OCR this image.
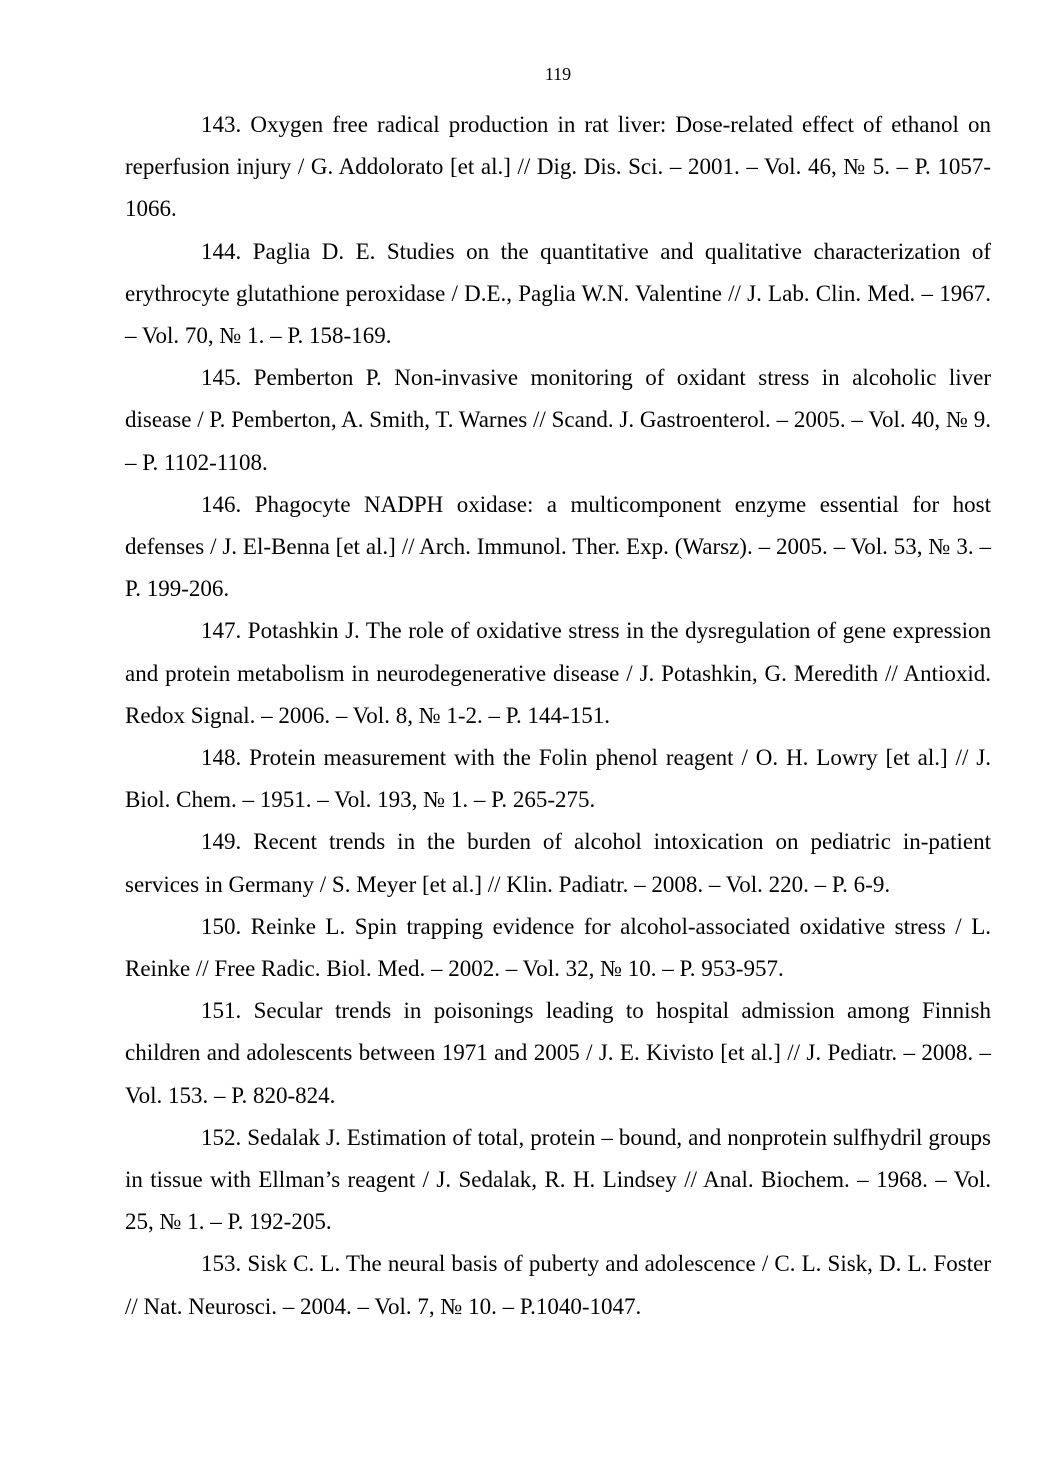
119

143. Oxygen free radical production in rat liver: Dose-related effect of ethanol on reperfusion injury / G. Addolorato [et al.] // Dig. Dis. Sci. – 2001. – Vol. 46, № 5. – P. 1057-1066.

144. Paglia D. E. Studies on the quantitative and qualitative characterization of erythrocyte glutathione peroxidase / D.E., Paglia W.N. Valentine // J. Lab. Clin. Med. – 1967. – Vol. 70, № 1. – P. 158-169.

145. Pemberton P. Non-invasive monitoring of oxidant stress in alcoholic liver disease / P. Pemberton, A. Smith, T. Warnes // Scand. J. Gastroenterol. – 2005. – Vol. 40, № 9. – P. 1102-1108.

146. Phagocyte NADPH oxidase: a multicomponent enzyme essential for host defenses / J. El-Benna [et al.] // Arch. Immunol. Ther. Exp. (Warsz). – 2005. – Vol. 53, № 3. – P. 199-206.

147. Potashkin J. The role of oxidative stress in the dysregulation of gene expression and protein metabolism in neurodegenerative disease / J. Potashkin, G. Meredith // Antioxid. Redox Signal. – 2006. – Vol. 8, № 1-2. – P. 144-151.

148. Protein measurement with the Folin phenol reagent / O. H. Lowry [et al.] // J. Biol. Chem. – 1951. – Vol. 193, № 1. – P. 265-275.

149. Recent trends in the burden of alcohol intoxication on pediatric in-patient services in Germany / S. Meyer [et al.] // Klin. Padiatr. – 2008. – Vol. 220. – P. 6-9.

150. Reinke L. Spin trapping evidence for alcohol-associated oxidative stress / L. Reinke // Free Radic. Biol. Med. – 2002. – Vol. 32, № 10. – P. 953-957.

151. Secular trends in poisonings leading to hospital admission among Finnish children and adolescents between 1971 and 2005 / J. E. Kivisto [et al.] // J. Pediatr. – 2008. – Vol. 153. – P. 820-824.

152. Sedalak J. Estimation of total, protein – bound, and nonprotein sulfhydril groups in tissue with Ellman’s reagent / J. Sedalak, R. H. Lindsey // Anal. Biochem. – 1968. – Vol. 25, № 1. – P. 192-205.

153. Sisk C. L. The neural basis of puberty and adolescence / C. L. Sisk, D. L. Foster // Nat. Neurosci. – 2004. – Vol. 7, № 10. – P.1040-1047.
